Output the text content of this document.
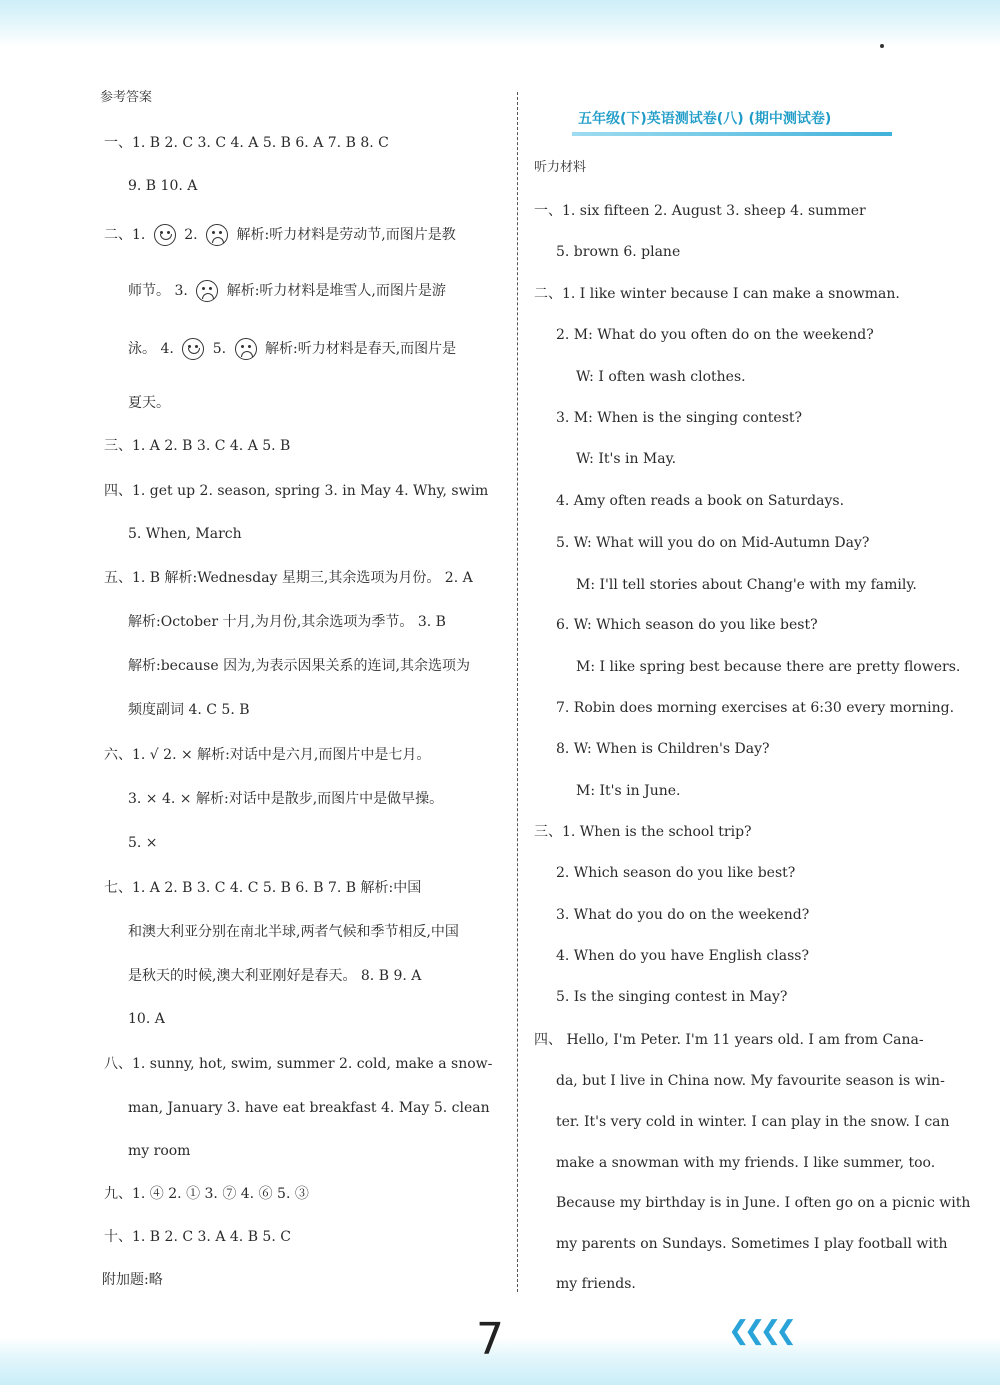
参考答案
一、1. B 2. C 3. C 4. A 5. B 6. A 7. B 8. C
9. B 10. A
二、1.	2.	解析:听力材料是劳动节,而图片是教
师节。 3.	解析:听力材料是堆雪人,而图片是游
泳。 4.	5.	解析:听力材料是春天,而图片是
夏天。
三、1. A 2. B 3. C 4. A 5. B
四、1. get up 2. season, spring 3. in May 4. Why, swim
5. When, March
五、1. B 解析:Wednesday 星期三,其余选项为月份。 2. A
解析:October 十月,为月份,其余选项为季节。 3. B
解析:because 因为,为表示因果关系的连词,其余选项为
频度副词 4. C 5. B
六、1. √ 2. × 解析:对话中是六月,而图片中是七月。
3. × 4. × 解析:对话中是散步,而图片中是做早操。
5. ×
七、1. A 2. B 3. C 4. C 5. B 6. B 7. B 解析:中国
和澳大利亚分别在南北半球,两者气候和季节相反,中国
是秋天的时候,澳大利亚刚好是春天。 8. B 9. A
10. A
八、1. sunny, hot, swim, summer 2. cold, make a snow-
man, January 3. have eat breakfast 4. May 5. clean
my room
九、1. ④ 2. ① 3. ⑦ 4. ⑥ 5. ③
十、1. B 2. C 3. A 4. B 5. C
附加题:略
五年级(下)英语测试卷(八) (期中测试卷)
听力材料
一、1. six fifteen 2. August 3. sheep 4. summer
5. brown 6. plane
二、1. I like winter because I can make a snowman.
2. M: What do you often do on the weekend?
W: I often wash clothes.
3. M: When is the singing contest?
W: It's in May.
4. Amy often reads a book on Saturdays.
5. W: What will you do on Mid-Autumn Day?
M: I'll tell stories about Chang'e with my family.
6. W: Which season do you like best?
M: I like spring best because there are pretty flowers.
7. Robin does morning exercises at 6:30 every morning.
8. W: When is Children's Day?
M: It's in June.
三、1. When is the school trip?
2. Which season do you like best?
3. What do you do on the weekend?
4. When do you have English class?
5. Is the singing contest in May?
四、 Hello, I'm Peter. I'm 11 years old. I am from Cana-
da, but I live in China now. My favourite season is win-
ter. It's very cold in winter. I can play in the snow. I can
make a snowman with my friends. I like summer, too.
Because my birthday is in June. I often go on a picnic with
my parents on Sundays. Sometimes I play football with
my friends.
7	❮❮❮❮
